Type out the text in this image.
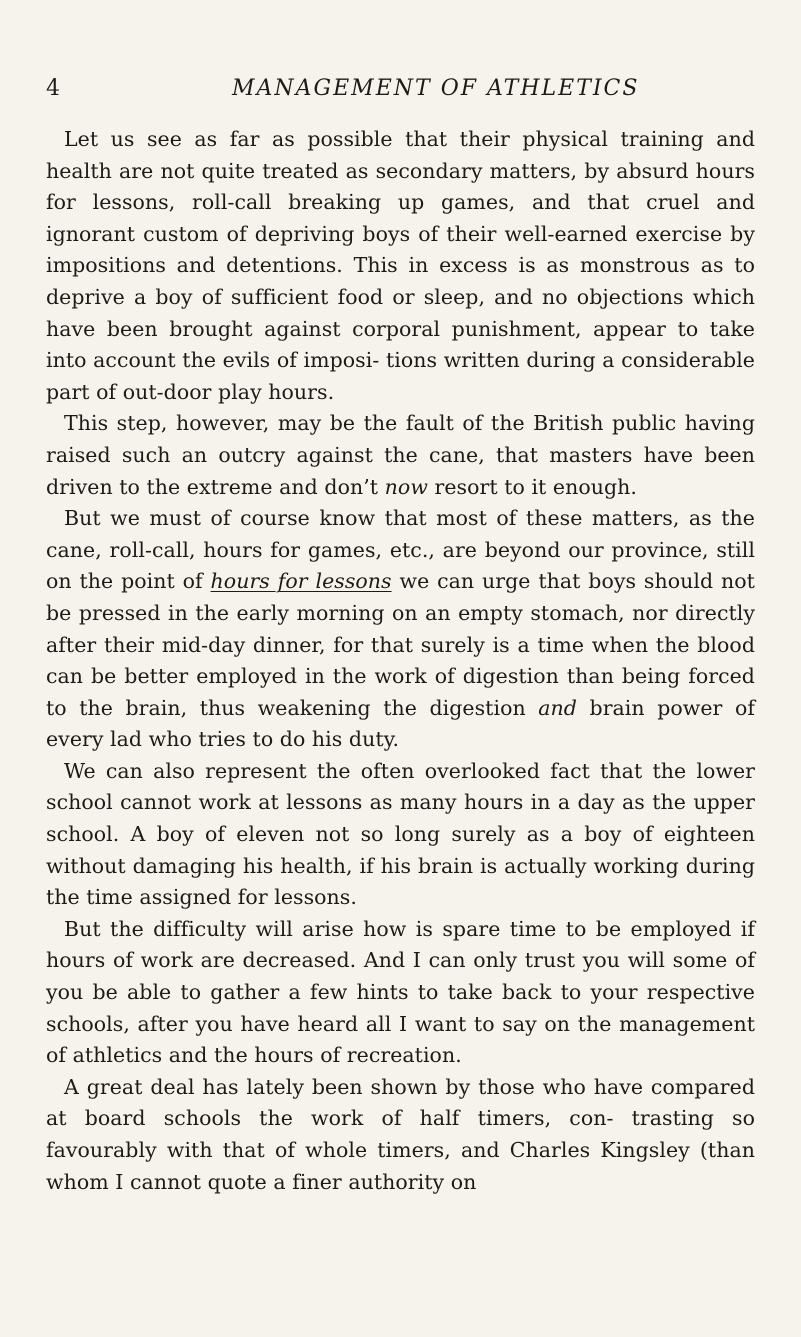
4	MANAGEMENT OF ATHLETICS

Let us see as far as possible that their physical training and health are not quite treated as secondary matters, by absurd hours for lessons, roll-call breaking up games, and that cruel and ignorant custom of depriving boys of their well-earned exercise by impositions and detentions. This in excess is as monstrous as to deprive a boy of sufficient food or sleep, and no objections which have been brought against corporal punishment, appear to take into account the evils of imposi- tions written during a considerable part of out-door play hours.

This step, however, may be the fault of the British public having raised such an outcry against the cane, that masters have been driven to the extreme and don’t now resort to it enough.

But we must of course know that most of these matters, as the cane, roll-call, hours for games, etc., are beyond our province, still on the point of hours for lessons we can urge that boys should not be pressed in the early morning on an empty stomach, nor directly after their mid-day dinner, for that surely is a time when the blood can be better employed in the work of digestion than being forced to the brain, thus weakening the digestion and brain power of every lad who tries to do his duty.

We can also represent the often overlooked fact that the lower school cannot work at lessons as many hours in a day as the upper school. A boy of eleven not so long surely as a boy of eighteen without damaging his health, if his brain is actually working during the time assigned for lessons.

But the difficulty will arise how is spare time to be employed if hours of work are decreased. And I can only trust you will some of you be able to gather a few hints to take back to your respective schools, after you have heard all I want to say on the management of athletics and the hours of recreation.

A great deal has lately been shown by those who have compared at board schools the work of half timers, con- trasting so favourably with that of whole timers, and Charles Kingsley (than whom I cannot quote a finer authority on
